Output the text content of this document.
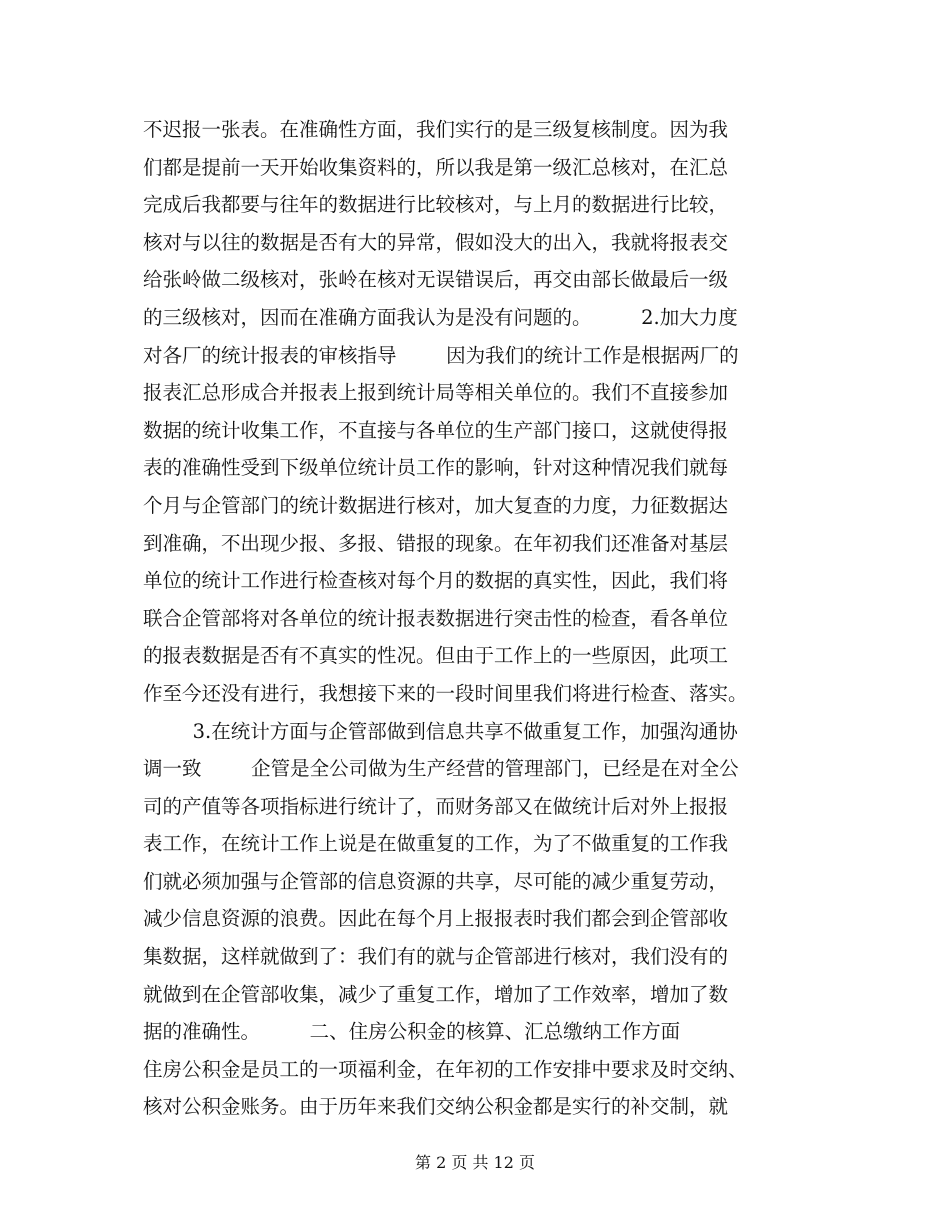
不迟报一张表。在准确性方面，我们实行的是三级复核制度。因为我
们都是提前一天开始收集资料的，所以我是第一级汇总核对，在汇总
完成后我都要与往年的数据进行比较核对，与上月的数据进行比较，
核对与以往的数据是否有大的异常，假如没大的出入，我就将报表交
给张岭做二级核对，张岭在核对无误错误后，再交由部长做最后一级
的三级核对，因而在准确方面我认为是没有问题的。        2.加大力度
对各厂的统计报表的审核指导        因为我们的统计工作是根据两厂的
报表汇总形成合并报表上报到统计局等相关单位的。我们不直接参加
数据的统计收集工作，不直接与各单位的生产部门接口，这就使得报
表的准确性受到下级单位统计员工作的影响，针对这种情况我们就每
个月与企管部门的统计数据进行核对，加大复查的力度，力征数据达
到准确，不出现少报、多报、错报的现象。在年初我们还准备对基层
单位的统计工作进行检查核对每个月的数据的真实性，因此，我们将
联合企管部将对各单位的统计报表数据进行突击性的检查，看各单位
的报表数据是否有不真实的性况。但由于工作上的一些原因，此项工
作至今还没有进行，我想接下来的一段时间里我们将进行检查、落实。
3.在统计方面与企管部做到信息共享不做重复工作，加强沟通协
调一致        企管是全公司做为生产经营的管理部门，已经是在对全公
司的产值等各项指标进行统计了，而财务部又在做统计后对外上报报
表工作，在统计工作上说是在做重复的工作，为了不做重复的工作我
们就必须加强与企管部的信息资源的共享，尽可能的减少重复劳动，
减少信息资源的浪费。因此在每个月上报报表时我们都会到企管部收
集数据，这样就做到了：我们有的就与企管部进行核对，我们没有的
就做到在企管部收集，减少了重复工作，增加了工作效率，增加了数
据的准确性。        二、住房公积金的核算、汇总缴纳工作方面
住房公积金是员工的一项福利金，在年初的工作安排中要求及时交纳、
核对公积金账务。由于历年来我们交纳公积金都是实行的补交制，就
第 2 页 共 12 页
